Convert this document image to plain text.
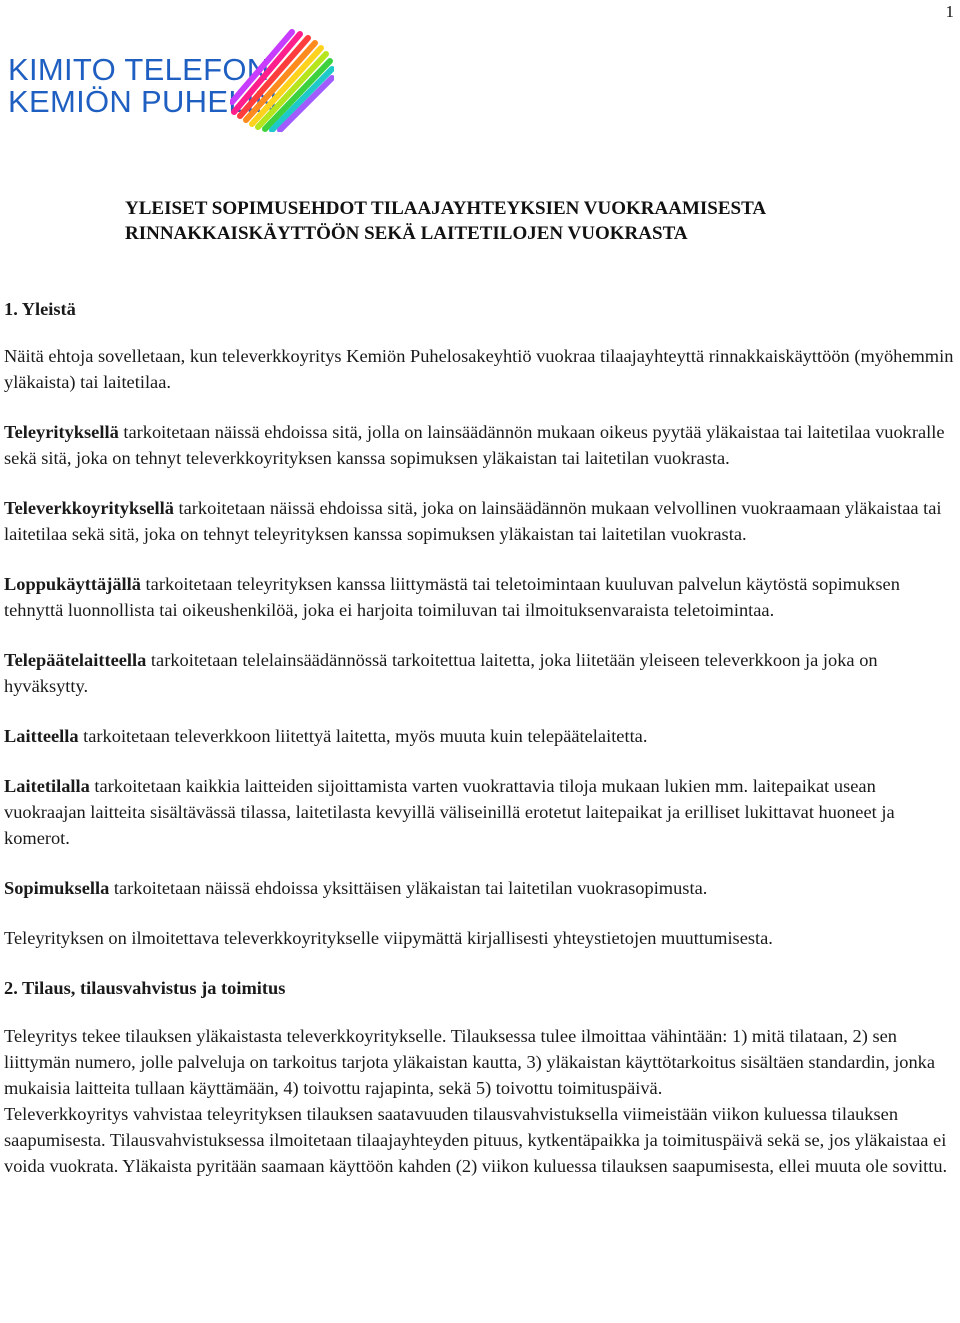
1
KIMITO TELEFON
KEMIÖN PUHELIN
YLEISET SOPIMUSEHDOT TILAAJAYHTEYKSIEN VUOKRAAMISESTA
RINNAKKAISKÄYTTÖÖN SEKÄ LAITETILOJEN VUOKRASTA

1. Yleistä

Näitä ehtoja sovelletaan, kun televerkkoyritys Kemiön Puhelosakeyhtiö vuokraa tilaajayhteyttä rinnakkaiskäyttöön (myöhemmin yläkaista) tai laitetilaa.

Teleyrityksellä tarkoitetaan näissä ehdoissa sitä, jolla on lainsäädännön mukaan oikeus pyytää yläkaistaa tai laitetilaa vuokralle sekä sitä, joka on tehnyt televerkkoyrityksen kanssa sopimuksen yläkaistan tai laitetilan vuokrasta.

Televerkkoyrityksellä tarkoitetaan näissä ehdoissa sitä, joka on lainsäädännön mukaan velvollinen vuokraamaan yläkaistaa tai laitetilaa sekä sitä, joka on tehnyt teleyrityksen kanssa sopimuksen yläkaistan tai laitetilan vuokrasta.

Loppukäyttäjällä tarkoitetaan teleyrityksen kanssa liittymästä tai teletoimintaan kuuluvan palvelun käytöstä sopimuksen tehnyttä luonnollista tai oikeushenkilöä, joka ei harjoita toimiluvan tai ilmoituksenvaraista teletoimintaa.

Telepäätelaitteella tarkoitetaan telelainsäädännössä tarkoitettua laitetta, joka liitetään yleiseen televerkkoon ja joka on hyväksytty.

Laitteella tarkoitetaan televerkkoon liitettyä laitetta, myös muuta kuin telepäätelaitetta.

Laitetilalla tarkoitetaan kaikkia laitteiden sijoittamista varten vuokrattavia tiloja mukaan lukien mm. laitepaikat usean vuokraajan laitteita sisältävässä tilassa, laitetilasta kevyillä väliseinillä erotetut laitepaikat ja erilliset lukittavat huoneet ja komerot.

Sopimuksella tarkoitetaan näissä ehdoissa yksittäisen yläkaistan tai laitetilan vuokrasopimusta.

Teleyrityksen on ilmoitettava televerkkoyritykselle viipymättä kirjallisesti yhteystietojen muuttumisesta.

2. Tilaus, tilausvahvistus ja toimitus

Teleyritys tekee tilauksen yläkaistasta televerkkoyritykselle. Tilauksessa tulee ilmoittaa vähintään: 1) mitä tilataan, 2) sen liittymän numero, jolle palveluja on tarkoitus tarjota yläkaistan kautta, 3) yläkaistan käyttötarkoitus sisältäen standardin, jonka mukaisia laitteita tullaan käyttämään, 4) toivottu rajapinta, sekä 5) toivottu toimituspäivä.

Televerkkoyritys vahvistaa teleyrityksen tilauksen saatavuuden tilausvahvistuksella viimeistään viikon kuluessa tilauksen saapumisesta. Tilausvahvistuksessa ilmoitetaan tilaajayhteyden pituus, kytkentäpaikka ja toimituspäivä sekä se, jos yläkaistaa ei voida vuokrata. Yläkaista pyritään saamaan käyttöön kahden (2) viikon kuluessa tilauksen saapumisesta, ellei muuta ole sovittu.
